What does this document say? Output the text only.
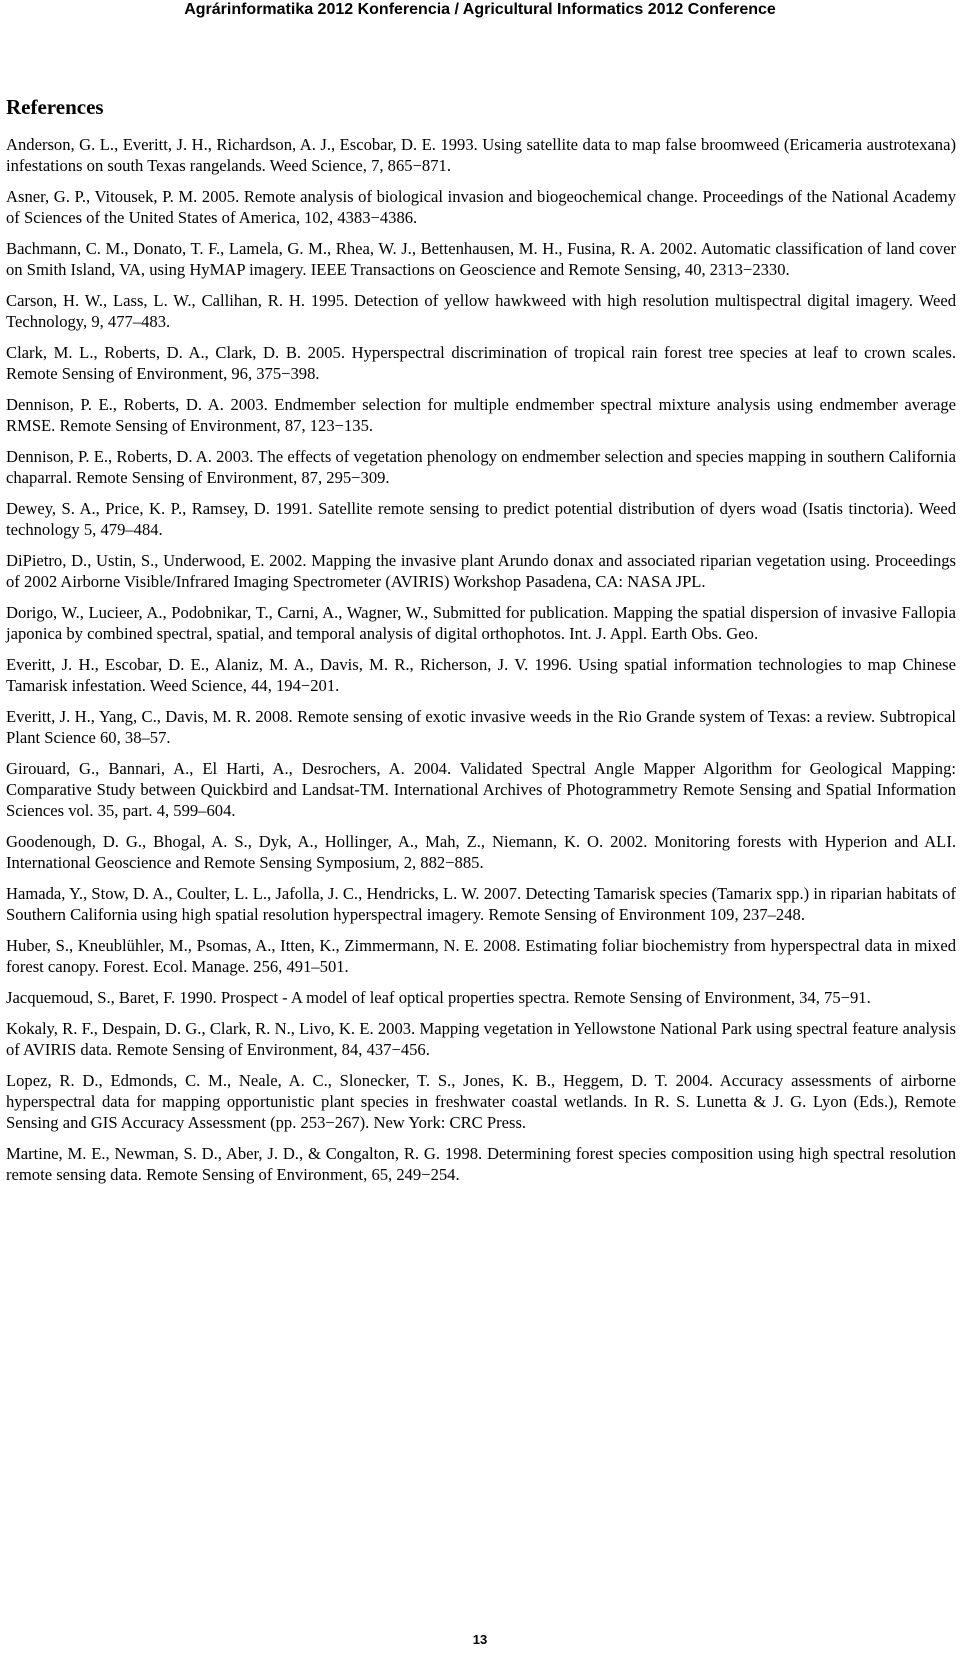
Agrárinformatika 2012 Konferencia / Agricultural Informatics 2012 Conference
References

Anderson, G. L., Everitt, J. H., Richardson, A. J., Escobar, D. E. 1993. Using satellite data to map false broomweed (Ericameria austrotexana) infestations on south Texas rangelands. Weed Science, 7, 865−871.

Asner, G. P., Vitousek, P. M. 2005. Remote analysis of biological invasion and biogeochemical change. Proceedings of the National Academy of Sciences of the United States of America, 102, 4383−4386.

Bachmann, C. M., Donato, T. F., Lamela, G. M., Rhea, W. J., Bettenhausen, M. H., Fusina, R. A. 2002. Automatic classification of land cover on Smith Island, VA, using HyMAP imagery. IEEE Transactions on Geoscience and Remote Sensing, 40, 2313−2330.

Carson, H. W., Lass, L. W., Callihan, R. H. 1995. Detection of yellow hawkweed with high resolution multispectral digital imagery. Weed Technology, 9, 477–483.

Clark, M. L., Roberts, D. A., Clark, D. B. 2005. Hyperspectral discrimination of tropical rain forest tree species at leaf to crown scales. Remote Sensing of Environment, 96, 375−398.

Dennison, P. E., Roberts, D. A. 2003. Endmember selection for multiple endmember spectral mixture analysis using endmember average RMSE. Remote Sensing of Environment, 87, 123−135.

Dennison, P. E., Roberts, D. A. 2003. The effects of vegetation phenology on endmember selection and species mapping in southern California chaparral. Remote Sensing of Environment, 87, 295−309.

Dewey, S. A., Price, K. P., Ramsey, D. 1991. Satellite remote sensing to predict potential distribution of dyers woad (Isatis tinctoria). Weed technology 5, 479–484.

DiPietro, D., Ustin, S., Underwood, E. 2002. Mapping the invasive plant Arundo donax and associated riparian vegetation using. Proceedings of 2002 Airborne Visible/Infrared Imaging Spectrometer (AVIRIS) Workshop Pasadena, CA: NASA JPL.

Dorigo, W., Lucieer, A., Podobnikar, T., Carni, A., Wagner, W., Submitted for publication. Mapping the spatial dispersion of invasive Fallopia japonica by combined spectral, spatial, and temporal analysis of digital orthophotos. Int. J. Appl. Earth Obs. Geo.

Everitt, J. H., Escobar, D. E., Alaniz, M. A., Davis, M. R., Richerson, J. V. 1996. Using spatial information technologies to map Chinese Tamarisk infestation. Weed Science, 44, 194−201.

Everitt, J. H., Yang, C., Davis, M. R. 2008. Remote sensing of exotic invasive weeds in the Rio Grande system of Texas: a review. Subtropical Plant Science 60, 38–57.

Girouard, G., Bannari, A., El Harti, A., Desrochers, A. 2004. Validated Spectral Angle Mapper Algorithm for Geological Mapping: Comparative Study between Quickbird and Landsat-TM. International Archives of Photogrammetry Remote Sensing and Spatial Information Sciences vol. 35, part. 4, 599–604.

Goodenough, D. G., Bhogal, A. S., Dyk, A., Hollinger, A., Mah, Z., Niemann, K. O. 2002. Monitoring forests with Hyperion and ALI. International Geoscience and Remote Sensing Symposium, 2, 882−885.

Hamada, Y., Stow, D. A., Coulter, L. L., Jafolla, J. C., Hendricks, L. W. 2007. Detecting Tamarisk species (Tamarix spp.) in riparian habitats of Southern California using high spatial resolution hyperspectral imagery. Remote Sensing of Environment 109, 237–248.

Huber, S., Kneublühler, M., Psomas, A., Itten, K., Zimmermann, N. E. 2008. Estimating foliar biochemistry from hyperspectral data in mixed forest canopy. Forest. Ecol. Manage. 256, 491–501.

Jacquemoud, S., Baret, F. 1990. Prospect - A model of leaf optical properties spectra. Remote Sensing of Environment, 34, 75−91.

Kokaly, R. F., Despain, D. G., Clark, R. N., Livo, K. E. 2003. Mapping vegetation in Yellowstone National Park using spectral feature analysis of AVIRIS data. Remote Sensing of Environment, 84, 437−456.

Lopez, R. D., Edmonds, C. M., Neale, A. C., Slonecker, T. S., Jones, K. B., Heggem, D. T. 2004. Accuracy assessments of airborne hyperspectral data for mapping opportunistic plant species in freshwater coastal wetlands. In R. S. Lunetta & J. G. Lyon (Eds.), Remote Sensing and GIS Accuracy Assessment (pp. 253−267). New York: CRC Press.

Martine, M. E., Newman, S. D., Aber, J. D., & Congalton, R. G. 1998. Determining forest species composition using high spectral resolution remote sensing data. Remote Sensing of Environment, 65, 249−254.

13
